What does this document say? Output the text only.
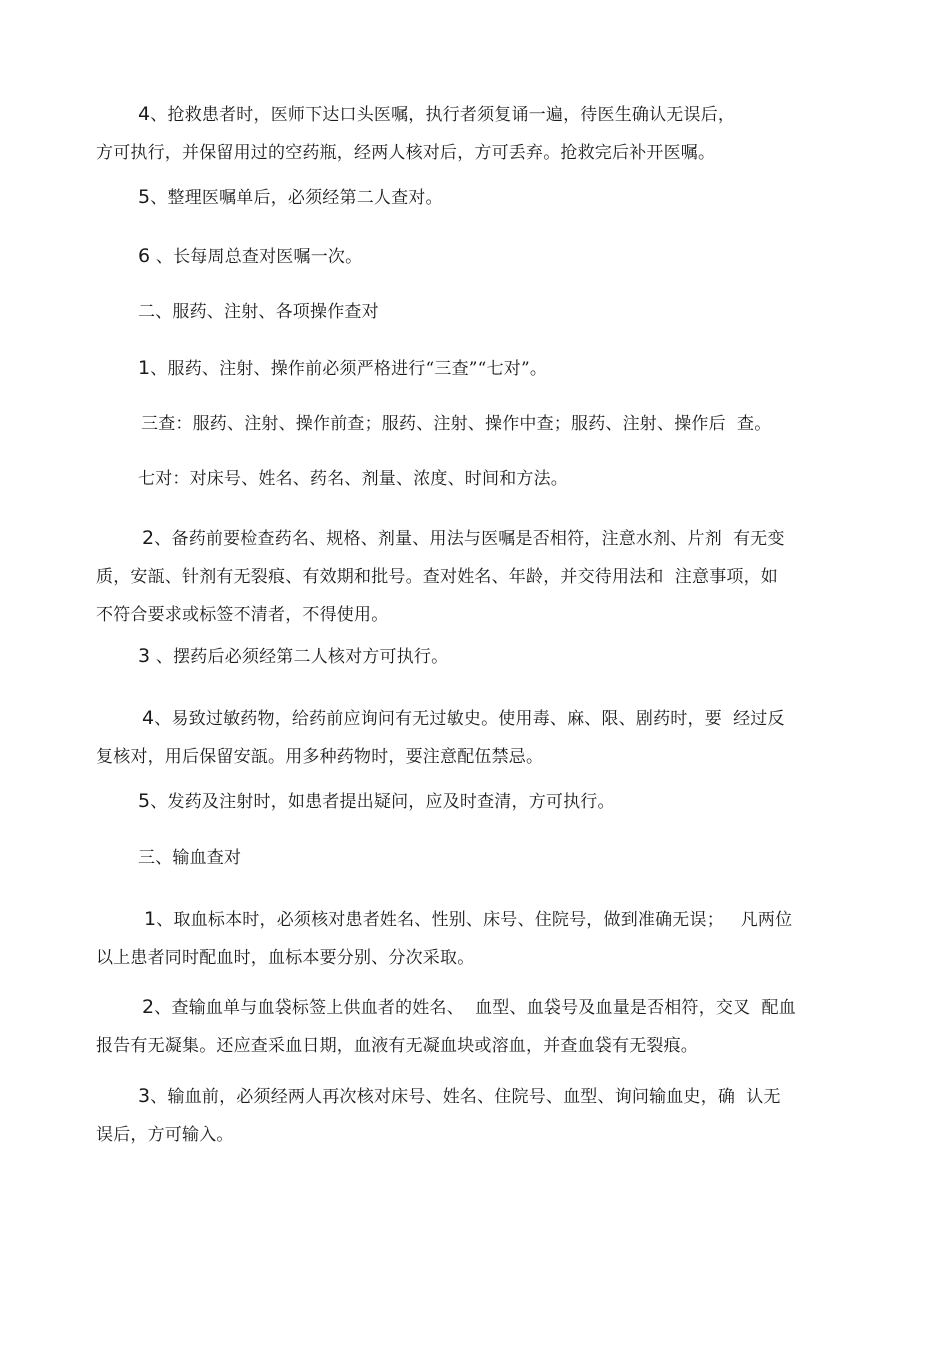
4、抢救患者时，医师下达口头医嘱，执行者须复诵一遍，待医生确认无误后，
方可执行，并保留用过的空药瓶，经两人核对后，方可丢弃。抢救完后补开医嘱。
5、整理医嘱单后，必须经第二人查对。
6 、长每周总查对医嘱一次。
二、服药、注射、各项操作查对
1、服药、注射、操作前必须严格进行“三查”“七对”。
三查：服药、注射、操作前查；服药、注射、操作中查；服药、注射、操作后  查。
七对：对床号、姓名、药名、剂量、浓度、时间和方法。
2、备药前要检查药名、规格、剂量、用法与医嘱是否相符，注意水剂、片剂  有无变
质，安瓿、针剂有无裂痕、有效期和批号。查对姓名、年龄，并交待用法和  注意事项，如
不符合要求或标签不清者，不得使用。
3 、摆药后必须经第二人核对方可执行。
4、易致过敏药物，给药前应询问有无过敏史。使用毒、麻、限、剧药时，要  经过反
复核对，用后保留安瓿。用多种药物时，要注意配伍禁忌。
5、发药及注射时，如患者提出疑问，应及时查清，方可执行。
三、输血查对
1、取血标本时，必须核对患者姓名、性别、床号、住院号，做到准确无误；   凡两位
以上患者同时配血时，血标本要分别、分次采取。
2、查输血单与血袋标签上供血者的姓名、  血型、血袋号及血量是否相符，交叉  配血
报告有无凝集。还应查采血日期，血液有无凝血块或溶血，并查血袋有无裂痕。
3、输血前，必须经两人再次核对床号、姓名、住院号、血型、询问输血史，确  认无
误后，方可输入。
